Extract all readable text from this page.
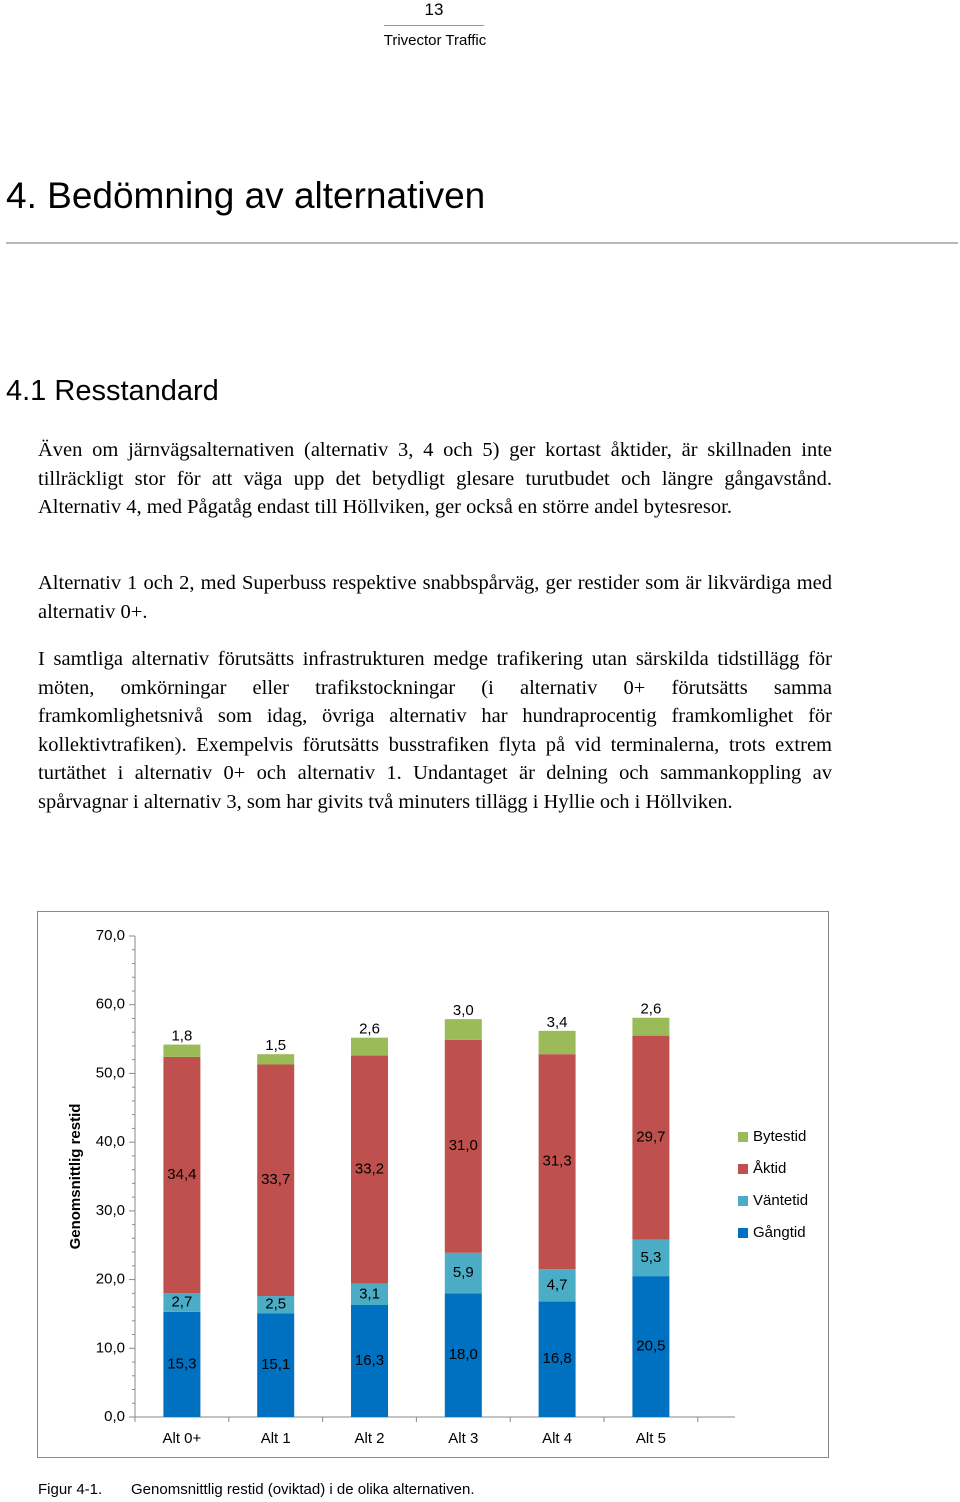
13
Trivector Traffic
4. Bedömning av alternativen
4.1 Resstandard

Även om järnvägsalternativen (alternativ 3, 4 och 5) ger kortast åktider, är skillnaden inte tillräckligt stor för att väga upp det betydligt glesare turutbudet och längre gångavstånd. Alternativ 4, med Pågatåg endast till Höllviken, ger också en större andel bytesresor.

Alternativ 1 och 2, med Superbuss respektive snabbspårväg, ger restider som är likvärdiga med alternativ 0+.

I samtliga alternativ förutsätts infrastrukturen medge trafikering utan särskilda tidstillägg för möten, omkörningar eller trafikstockningar (i alternativ 0+ förutsätts samma framkomlighetsnivå som idag, övriga alternativ har hundraprocentig framkomlighet för kollektivtrafiken). Exempelvis förutsätts busstrafiken flyta på vid terminalerna, trots extrem turtäthet i alternativ 0+ och alternativ 1. Undantaget är delning och sammankoppling av spårvagnar i alternativ 3, som har givits två minuters tillägg i Hyllie och i Höllviken.

0,0
10,0
20,0
30,0
40,0
50,0
60,0
70,0
Genomsnittlig restid
15,3
2,7
34,4
1,8
Alt 0+
15,1
2,5
33,7
1,5
Alt 1
16,3
3,1
33,2
2,6
Alt 2
18,0
5,9
31,0
3,0
Alt 3
16,8
4,7
31,3
3,4
Alt 4
20,5
5,3
29,7
2,6
Alt 5
Bytestid
Åktid
Väntetid
Gångtid
Figur 4-1. Genomsnittlig restid (oviktad) i de olika alternativen.
